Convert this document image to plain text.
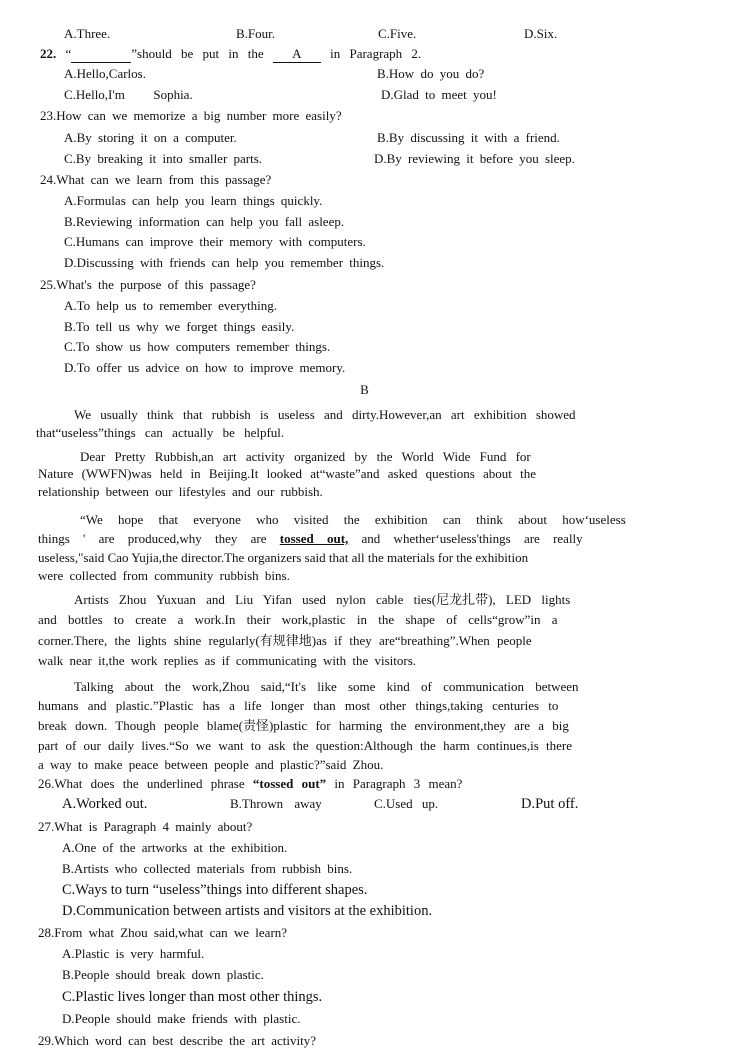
A.Three.	B.Four.	C.Five.	D.Six.
22. “	”should be put in the A in Paragraph 2.
A.Hello,Carlos.	B.How do you do?
C.Hello,I'm Sophia.	D.Glad to meet you!
23.How can we memorize a big number more easily?
A.By storing it on a computer.	B.By discussing it with a friend.
C.By breaking it into smaller parts.	D.By reviewing it before you sleep.
24.What can we learn from this passage?
A.Formulas can help you learn things quickly.
B.Reviewing information can help you fall asleep.
C.Humans can improve their memory with computers.
D.Discussing with friends can help you remember things.
25.What's the purpose of this passage?
A.To help us to remember everything.
B.To tell us why we forget things easily.
C.To show us how computers remember things.
D.To offer us advice on how to improve memory.
B
We usually think that rubbish is useless and dirty.However,an art exhibition showed
that“useless”things can actually be helpful.
Dear Pretty Rubbish,an art activity organized by the World Wide Fund for
Nature (WWFN)was held in Beijing.It looked at“waste”and asked questions about the
relationship between our lifestyles and our rubbish.
“We hope that everyone who visited the exhibition can think about how‘useless
things ' are produced,why they are tossed out, and whether‘useless'things are really
useless,"said Cao Yujia,the director.The organizers said that all the materials for the exhibition
were collected from community rubbish bins.
Artists Zhou Yuxuan and Liu Yifan used nylon cable ties(尼龙扎带), LED lights
and bottles to create a work.In their work,plastic in the shape of cells“grow”in a
corner.There, the lights shine regularly(有规律地)as if they are“breathing”.When people
walk near it,the work replies as if communicating with the visitors.
Talking about the work,Zhou said,“It's like some kind of communication between
humans and plastic.”Plastic has a life longer than most other things,taking centuries to
break down. Though people blame(责怪)plastic for harming the environment,they are a big
part of our daily lives.“So we want to ask the question:Although the harm continues,is there
a way to make peace between people and plastic?”said Zhou.
26.What does the underlined phrase “tossed out” in Paragraph 3 mean?
A.Worked out.	B.Thrown away	C.Used up.	D.Put off.
27.What is Paragraph 4 mainly about?
A.One of the artworks at the exhibition.
B.Artists who collected materials from rubbish bins.
C.Ways to turn “useless”things into different shapes.
D.Communication between artists and visitors at the exhibition.
28.From what Zhou said,what can we learn?
A.Plastic is very harmful.
B.People should break down plastic.
C.Plastic lives longer than most other things.
D.People should make friends with plastic.
29.Which word can best describe the art activity?
